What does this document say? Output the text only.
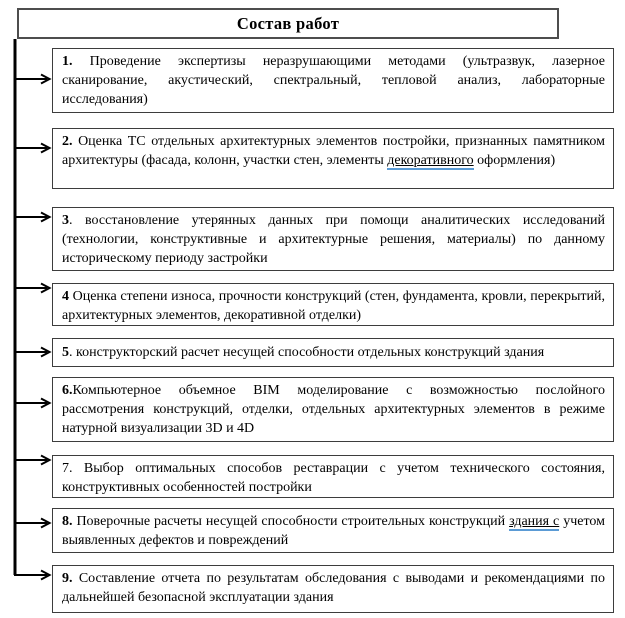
Состав работ
1. Проведение экспертизы неразрушающими методами (ультразвук, лазерное сканирование, акустический, спектральный, тепловой анализ, лабораторные исследования)
2. Оценка ТС отдельных архитектурных элементов постройки, признанных памятником архитектуры (фасада, колонн, участки стен, элементы декоративного оформления)
3. восстановление утерянных данных при помощи аналитических исследований (технологии, конструктивные и архитектурные решения, материалы) по данному историческому периоду застройки
4 Оценка степени износа, прочности конструкций (стен, фундамента, кровли, перекрытий, архитектурных элементов, декоративной отделки)
5. конструкторский расчет несущей способности отдельных конструкций здания
6.Компьютерное объемное BIM моделирование с возможностью послойного рассмотрения конструкций, отделки, отдельных архитектурных элементов в режиме натурной визуализации 3D и 4D
7. Выбор оптимальных способов реставрации с учетом технического состояния, конструктивных особенностей постройки
8. Поверочные расчеты несущей способности строительных конструкций здания с учетом выявленных дефектов и повреждений
9. Составление отчета по результатам обследования с выводами и рекомендациями по дальнейшей безопасной эксплуатации здания
